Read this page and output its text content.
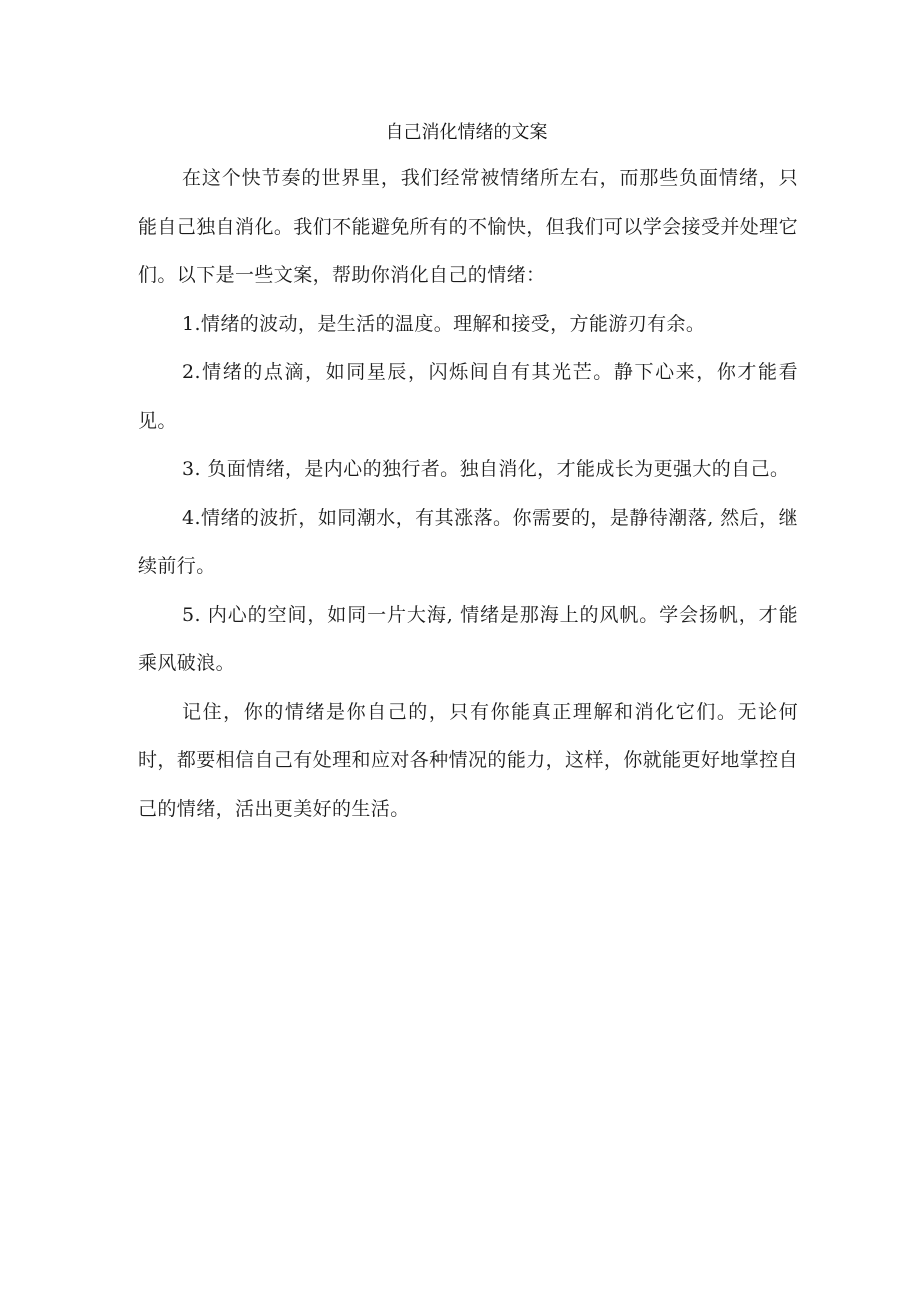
自己消化情绪的文案

在这个快节奏的世界里，我们经常被情绪所左右，而那些负面情绪，只能自己独自消化。我们不能避免所有的不愉快，但我们可以学会接受并处理它们。以下是一些文案，帮助你消化自己的情绪：

1.情绪的波动，是生活的温度。理解和接受，方能游刃有余。

2.情绪的点滴，如同星辰，闪烁间自有其光芒。静下心来，你才能看见。

3. 负面情绪，是内心的独行者。独自消化，才能成长为更强大的自己。

4.情绪的波折，如同潮水，有其涨落。你需要的，是静待潮落, 然后，继续前行。

5. 内心的空间，如同一片大海, 情绪是那海上的风帆。学会扬帆，才能乘风破浪。

记住，你的情绪是你自己的，只有你能真正理解和消化它们。无论何时，都要相信自己有处理和应对各种情况的能力，这样，你就能更好地掌控自己的情绪，活出更美好的生活。
